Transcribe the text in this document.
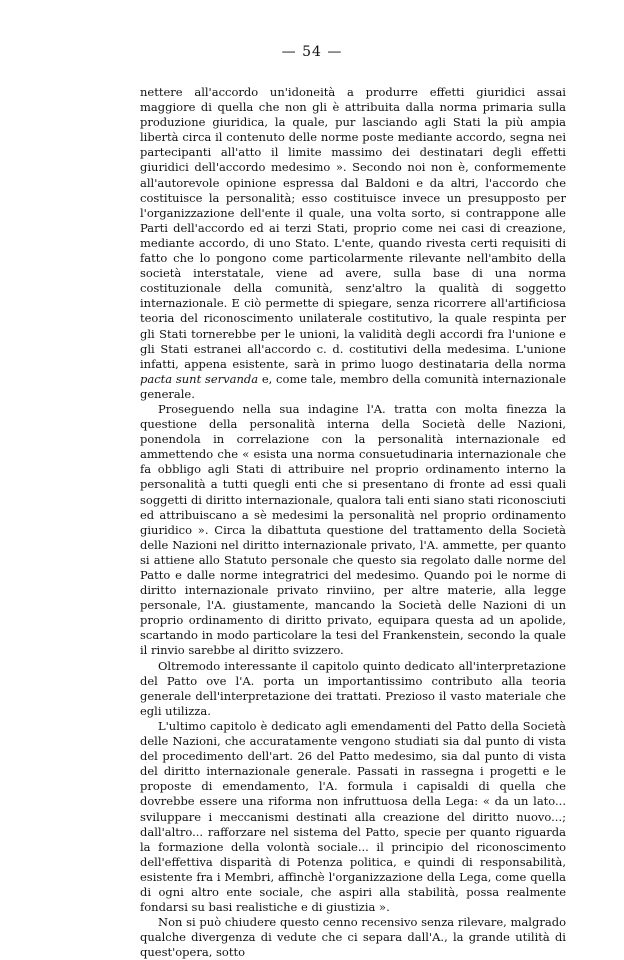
— 54 —

nettere all'accordo un'idoneità a produrre effetti giuridici assai maggiore di quella che non gli è attribuita dalla norma primaria sulla produzione giuridica, la quale, pur lasciando agli Stati la più ampia libertà circa il contenuto delle norme poste mediante accordo, segna nei partecipanti all'atto il limite massimo dei destinatari degli effetti giuridici dell'accordo medesimo ». Secondo noi non è, conformemente all'autorevole opinione espressa dal Baldoni e da altri, l'accordo che costituisce la personalità; esso costituisce invece un presupposto per l'organizzazione dell'ente il quale, una volta sorto, si contrappone alle Parti dell'accordo ed ai terzi Stati, proprio come nei casi di creazione, mediante accordo, di uno Stato. L'ente, quando rivesta certi requisiti di fatto che lo pongono come particolarmente rilevante nell'ambito della società interstatale, viene ad avere, sulla base di una norma costituzionale della comunità, senz'altro la qualità di soggetto internazionale. E ciò permette di spiegare, senza ricorrere all'artificiosa teoria del riconoscimento unilaterale costitutivo, la quale respinta per gli Stati tornerebbe per le unioni, la validità degli accordi fra l'unione e gli Stati estranei all'accordo c. d. costitutivi della medesima. L'unione infatti, appena esistente, sarà in primo luogo destinataria della norma pacta sunt servanda e, come tale, membro della comunità internazionale generale.

Proseguendo nella sua indagine l'A. tratta con molta finezza la questione della personalità interna della Società delle Nazioni, ponendola in correlazione con la personalità internazionale ed ammettendo che « esista una norma consuetudinaria internazionale che fa obbligo agli Stati di attribuire nel proprio ordinamento interno la personalità a tutti quegli enti che si presentano di fronte ad essi quali soggetti di diritto internazionale, qualora tali enti siano stati riconosciuti ed attribuiscano a sè medesimi la personalità nel proprio ordinamento giuridico ». Circa la dibattuta questione del trattamento della Società delle Nazioni nel diritto internazionale privato, l'A. ammette, per quanto si attiene allo Statuto personale che questo sia regolato dalle norme del Patto e dalle norme integratrici del medesimo. Quando poi le norme di diritto internazionale privato rinviino, per altre materie, alla legge personale, l'A. giustamente, mancando la Società delle Nazioni di un proprio ordinamento di diritto privato, equipara questa ad un apolide, scartando in modo particolare la tesi del Frankenstein, secondo la quale il rinvio sarebbe al diritto svizzero.

Oltremodo interessante il capitolo quinto dedicato all'interpretazione del Patto ove l'A. porta un importantissimo contributo alla teoria generale dell'interpretazione dei trattati. Prezioso il vasto materiale che egli utilizza.

L'ultimo capitolo è dedicato agli emendamenti del Patto della Società delle Nazioni, che accuratamente vengono studiati sia dal punto di vista del procedimento dell'art. 26 del Patto medesimo, sia dal punto di vista del diritto internazionale generale. Passati in rassegna i progetti e le proposte di emendamento, l'A. formula i capisaldi di quella che dovrebbe essere una riforma non infruttuosa della Lega: « da un lato... sviluppare i meccanismi destinati alla creazione del diritto nuovo...; dall'altro... rafforzare nel sistema del Patto, specie per quanto riguarda la formazione della volontà sociale... il principio del riconoscimento dell'effettiva disparità di Potenza politica, e quindi di responsabilità, esistente fra i Membri, affinchè l'organizzazione della Lega, come quella di ogni altro ente sociale, che aspiri alla stabilità, possa realmente fondarsi su basi realistiche e di giustizia ».

Non si può chiudere questo cenno recensivo senza rilevare, malgrado qualche divergenza di vedute che ci separa dall'A., la grande utilità di quest'opera, sotto
